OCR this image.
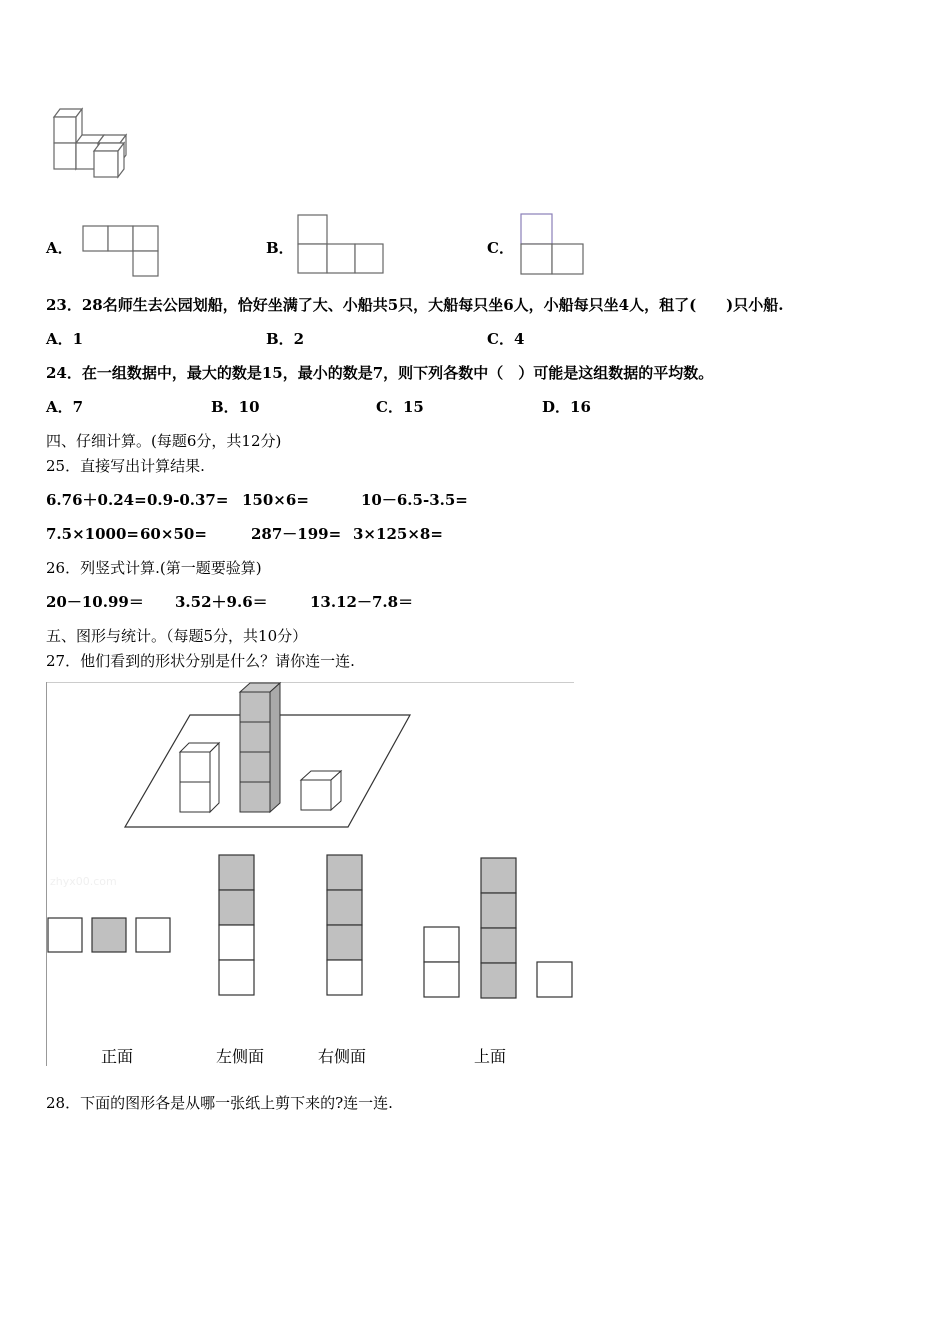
A．	B．	C．
23．28名师生去公园划船，恰好坐满了大、小船共5只，大船每只坐6人，小船每只坐4人，租了(　　)只小船.
A．1	B．2	C．4
24．在一组数据中，最大的数是15，最小的数是7，则下列各数中（　）可能是这组数据的平均数。
A．7	B．10	C．15	D．16
四、仔细计算。(每题6分，共12分)
25．直接写出计算结果.
6.76＋0.24= 0.9-0.37= 150×6=	10－6.5-3.5=
7.5×1000= 60×50=	287－199= 3×125×8=
26．列竖式计算.(第一题要验算)
20－10.99＝ 3.52＋9.6＝	13.12－7.8＝
五、图形与统计。（每题5分，共10分）
27．他们看到的形状分别是什么？请你连一连.
zhyx00.com
正面	左侧面	右侧面	上面
28．下面的图形各是从哪一张纸上剪下来的?连一连.
